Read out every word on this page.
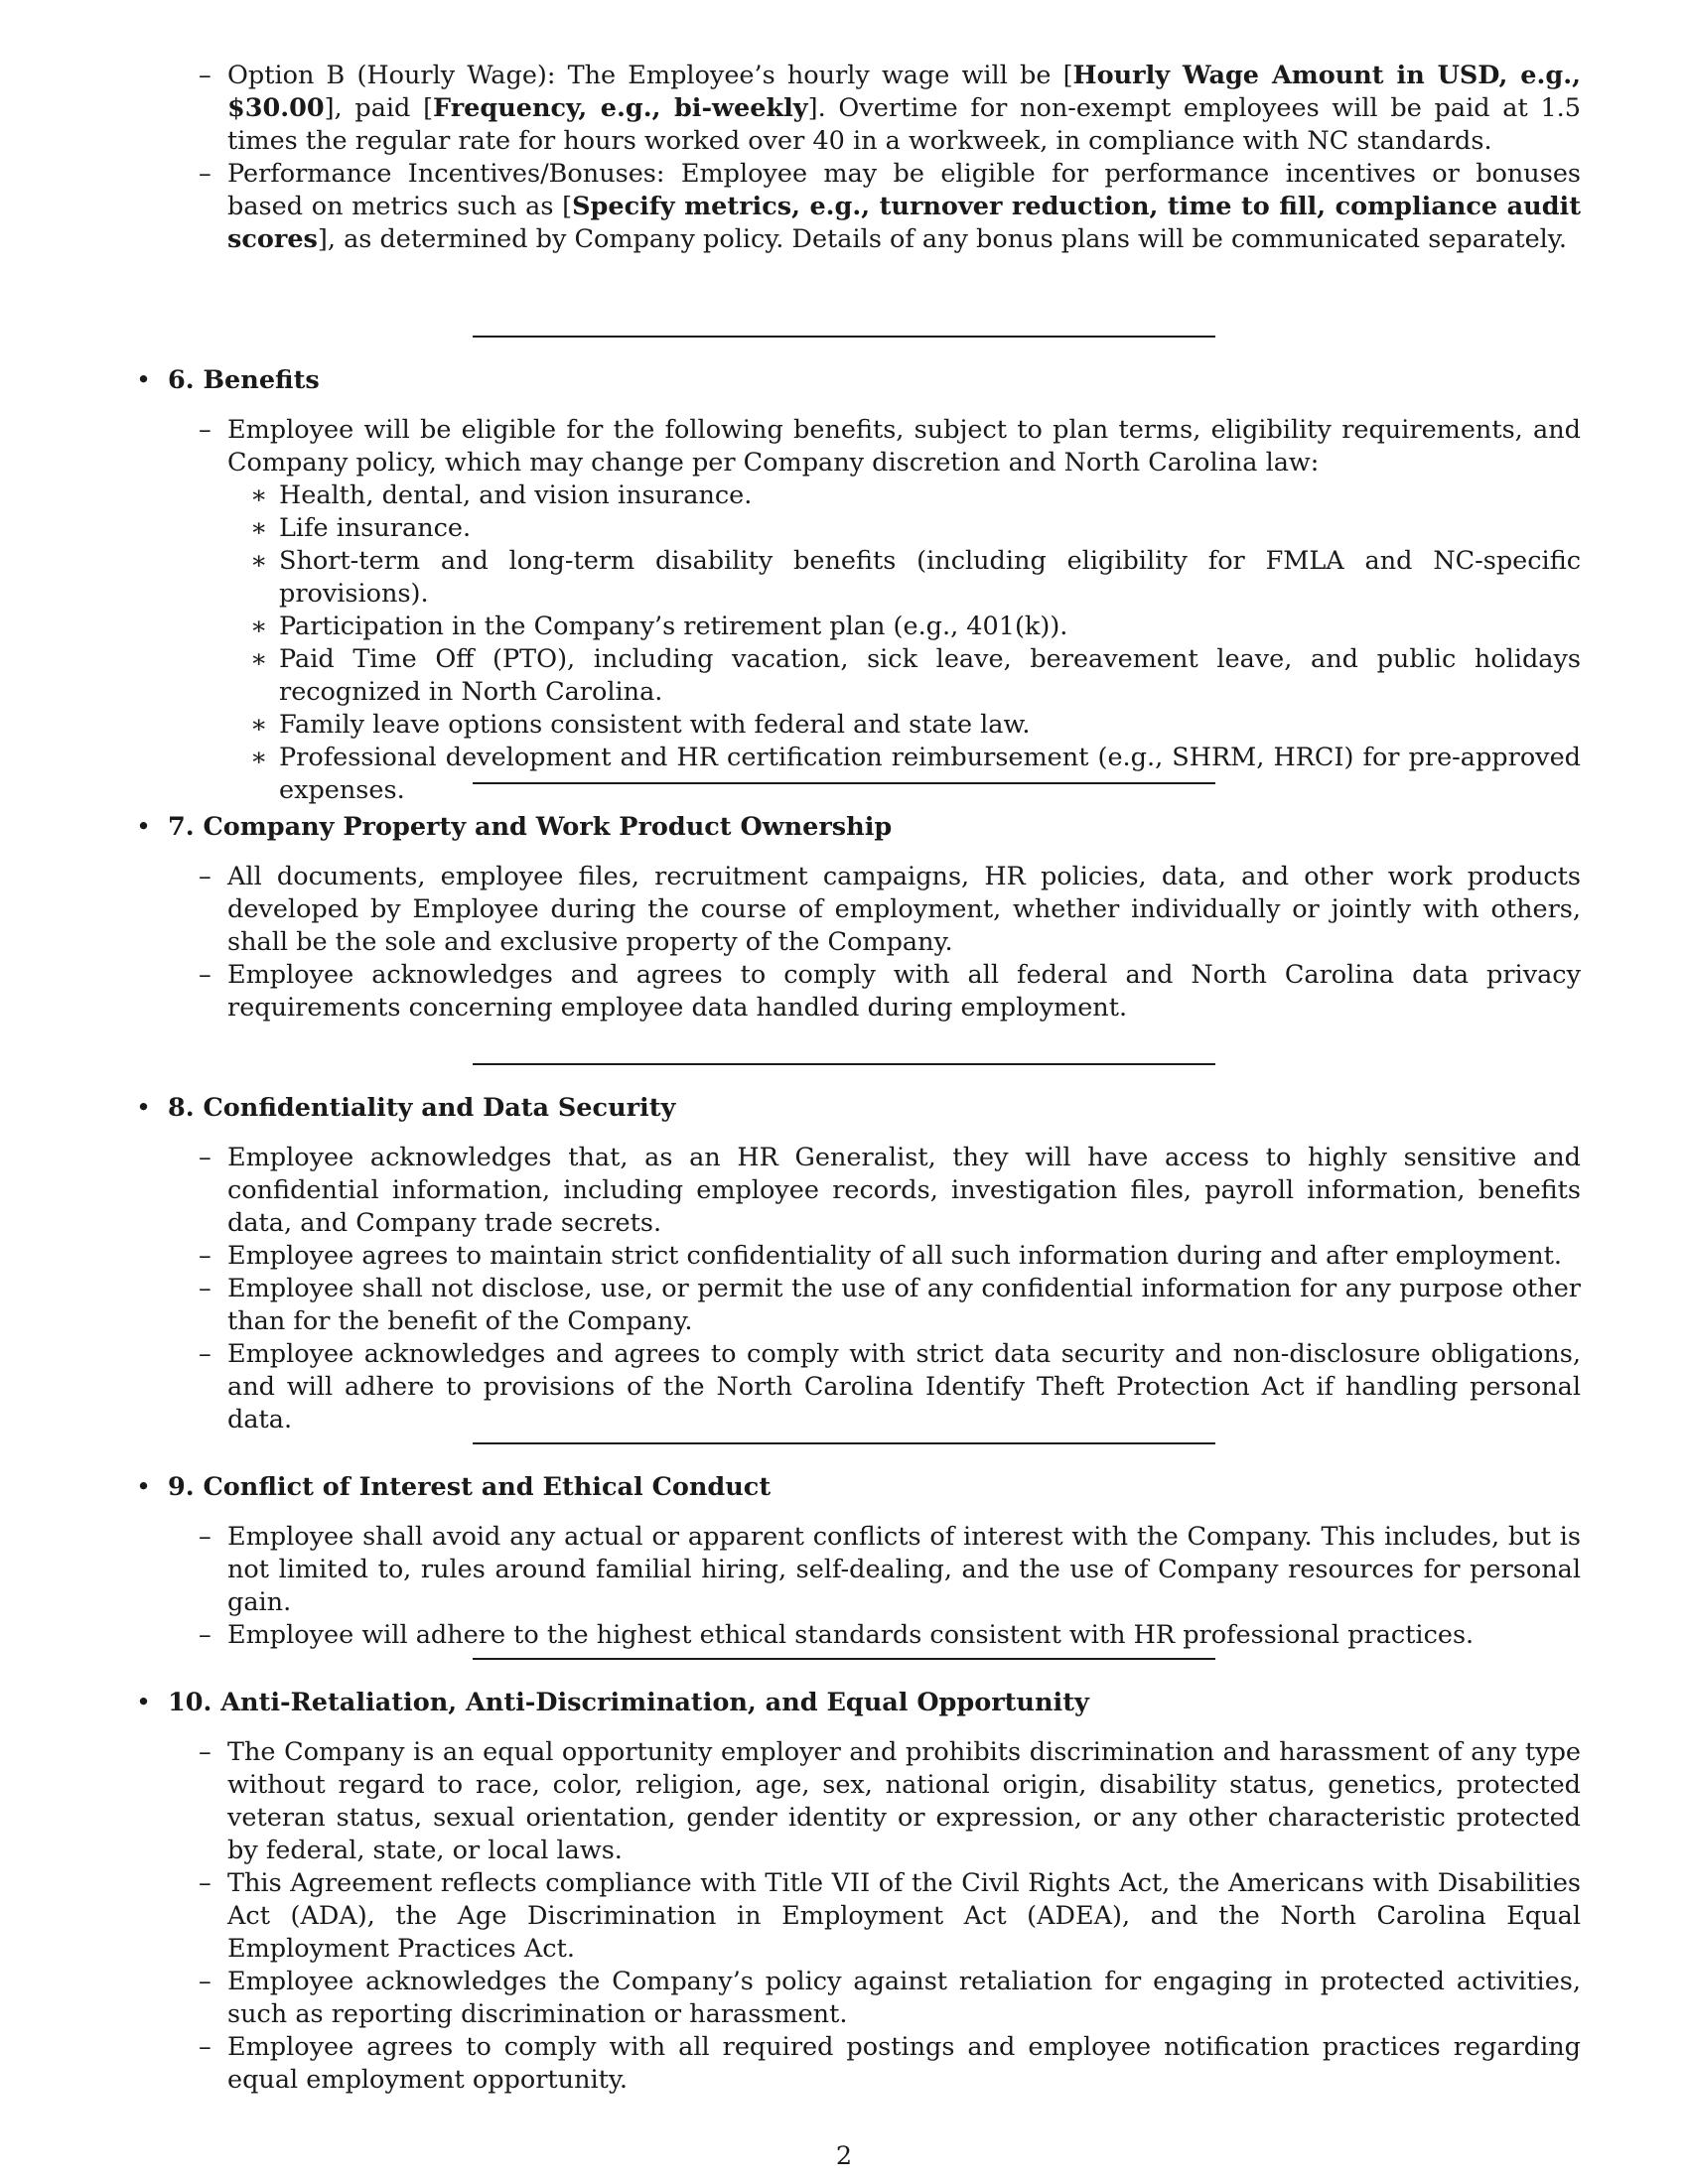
– Option B (Hourly Wage): The Employee’s hourly wage will be [Hourly Wage Amount in USD, e.g., $30.00], paid [Frequency, e.g., bi-weekly]. Overtime for non-exempt employees will be paid at 1.5 times the regular rate for hours worked over 40 in a workweek, in compliance with NC standards.
– Performance Incentives/Bonuses: Employee may be eligible for performance incentives or bonuses based on metrics such as [Specify metrics, e.g., turnover reduction, time to fill, compliance audit scores], as determined by Company policy. Details of any bonus plans will be communicated separately.

• 6. Benefits

– Employee will be eligible for the following benefits, subject to plan terms, eligibility requirements, and Company policy, which may change per Company discretion and North Carolina law:
∗ Health, dental, and vision insurance.
∗ Life insurance.
∗ Short-term and long-term disability benefits (including eligibility for FMLA and NC-specific provisions).
∗ Participation in the Company’s retirement plan (e.g., 401(k)).
∗ Paid Time Off (PTO), including vacation, sick leave, bereavement leave, and public holidays recognized in North Carolina.
∗ Family leave options consistent with federal and state law.
∗ Professional development and HR certification reimbursement (e.g., SHRM, HRCI) for pre-approved expenses.

• 7. Company Property and Work Product Ownership

– All documents, employee files, recruitment campaigns, HR policies, data, and other work products developed by Employee during the course of employment, whether individually or jointly with others, shall be the sole and exclusive property of the Company.
– Employee acknowledges and agrees to comply with all federal and North Carolina data privacy requirements concerning employee data handled during employment.

• 8. Confidentiality and Data Security

– Employee acknowledges that, as an HR Generalist, they will have access to highly sensitive and confidential information, including employee records, investigation files, payroll information, benefits data, and Company trade secrets.
– Employee agrees to maintain strict confidentiality of all such information during and after employment.
– Employee shall not disclose, use, or permit the use of any confidential information for any purpose other than for the benefit of the Company.
– Employee acknowledges and agrees to comply with strict data security and non-disclosure obligations, and will adhere to provisions of the North Carolina Identify Theft Protection Act if handling personal data.

• 9. Conflict of Interest and Ethical Conduct

– Employee shall avoid any actual or apparent conflicts of interest with the Company. This includes, but is not limited to, rules around familial hiring, self-dealing, and the use of Company resources for personal gain.
– Employee will adhere to the highest ethical standards consistent with HR professional practices.

• 10. Anti-Retaliation, Anti-Discrimination, and Equal Opportunity

– The Company is an equal opportunity employer and prohibits discrimination and harassment of any type without regard to race, color, religion, age, sex, national origin, disability status, genetics, protected veteran status, sexual orientation, gender identity or expression, or any other characteristic protected by federal, state, or local laws.
– This Agreement reflects compliance with Title VII of the Civil Rights Act, the Americans with Disabilities Act (ADA), the Age Discrimination in Employment Act (ADEA), and the North Carolina Equal Employment Practices Act.
– Employee acknowledges the Company’s policy against retaliation for engaging in protected activities, such as reporting discrimination or harassment.
– Employee agrees to comply with all required postings and employee notification practices regarding equal employment opportunity.
2
